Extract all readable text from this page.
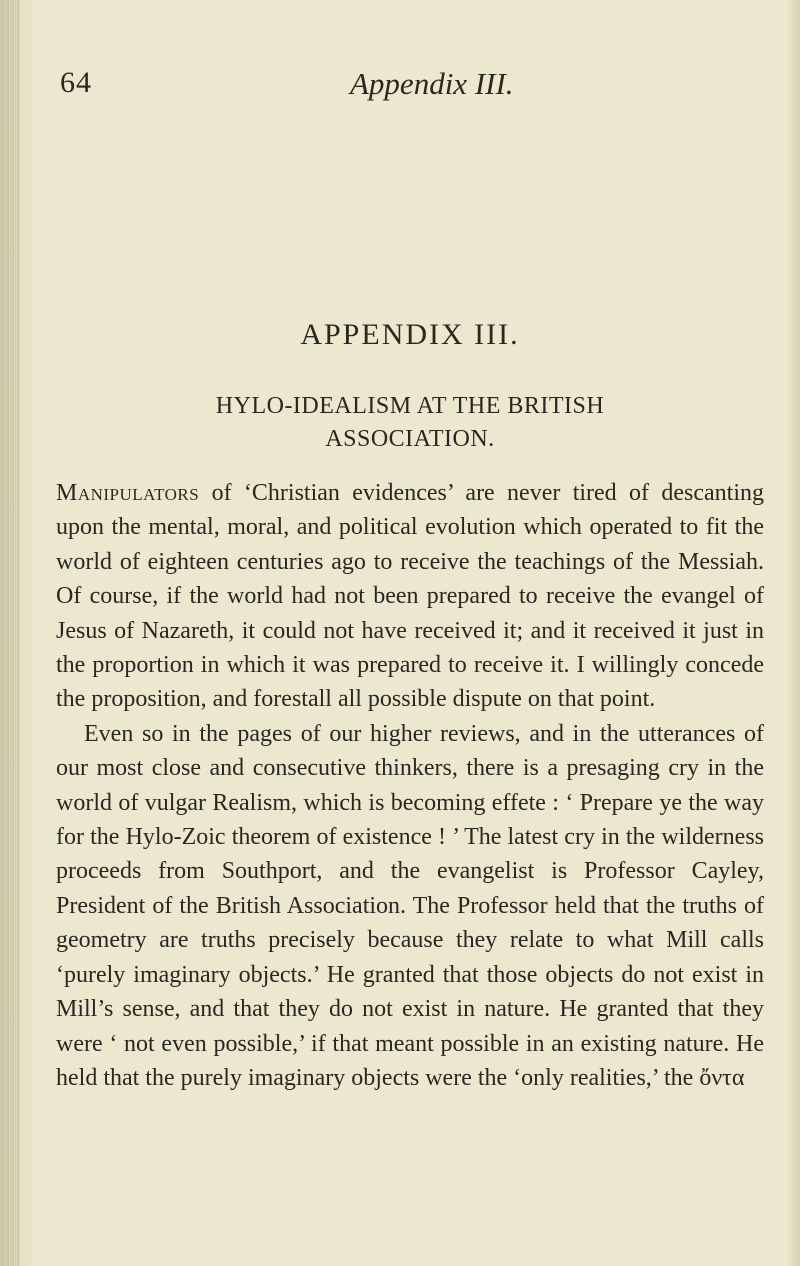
64	Appendix III.
APPENDIX III.
HYLO-IDEALISM AT THE BRITISH
ASSOCIATION.

Manipulators of ‘Christian evidences’ are never tired of descanting upon the mental, moral, and political evolution which operated to fit the world of eighteen centuries ago to receive the teachings of the Messiah. Of course, if the world had not been prepared to receive the evangel of Jesus of Nazareth, it could not have received it; and it received it just in the proportion in which it was prepared to receive it. I willingly concede the proposition, and forestall all possible dispute on that point.

Even so in the pages of our higher reviews, and in the utterances of our most close and consecutive thinkers, there is a presaging cry in the world of vulgar Realism, which is becoming effete : ‘ Prepare ye the way for the Hylo-Zoic theorem of existence ! ’ The latest cry in the wilderness proceeds from Southport, and the evangelist is Professor Cayley, President of the British Association. The Professor held that the truths of geometry are truths precisely because they relate to what Mill calls ‘purely imaginary objects.’ He granted that those objects do not exist in Mill’s sense, and that they do not exist in nature. He granted that they were ‘ not even possible,’ if that meant possible in an existing nature. He held that the purely imaginary objects were the ‘only realities,’ the ὄντα
